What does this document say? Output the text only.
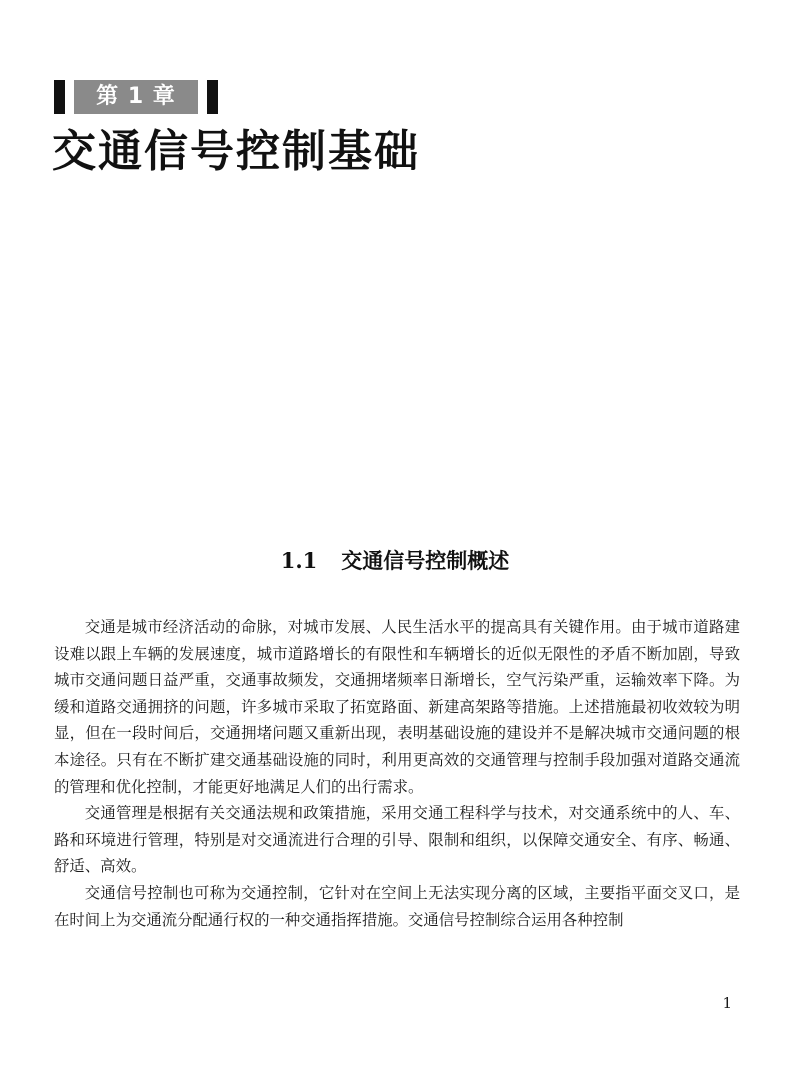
第 1 章
交通信号控制基础
1.1 交通信号控制概述

交通是城市经济活动的命脉，对城市发展、人民生活水平的提高具有关键作用。由于城市道路建设难以跟上车辆的发展速度，城市道路增长的有限性和车辆增长的近似无限性的矛盾不断加剧，导致城市交通问题日益严重，交通事故频发，交通拥堵频率日渐增长，空气污染严重，运输效率下降。为缓和道路交通拥挤的问题，许多城市采取了拓宽路面、新建高架路等措施。上述措施最初收效较为明显，但在一段时间后，交通拥堵问题又重新出现，表明基础设施的建设并不是解决城市交通问题的根本途径。只有在不断扩建交通基础设施的同时，利用更高效的交通管理与控制手段加强对道路交通流的管理和优化控制，才能更好地满足人们的出行需求。

交通管理是根据有关交通法规和政策措施，采用交通工程科学与技术，对交通系统中的人、车、路和环境进行管理，特别是对交通流进行合理的引导、限制和组织，以保障交通安全、有序、畅通、舒适、高效。

交通信号控制也可称为交通控制，它针对在空间上无法实现分离的区域，主要指平面交叉口，是在时间上为交通流分配通行权的一种交通指挥措施。交通信号控制综合运用各种控制

1
